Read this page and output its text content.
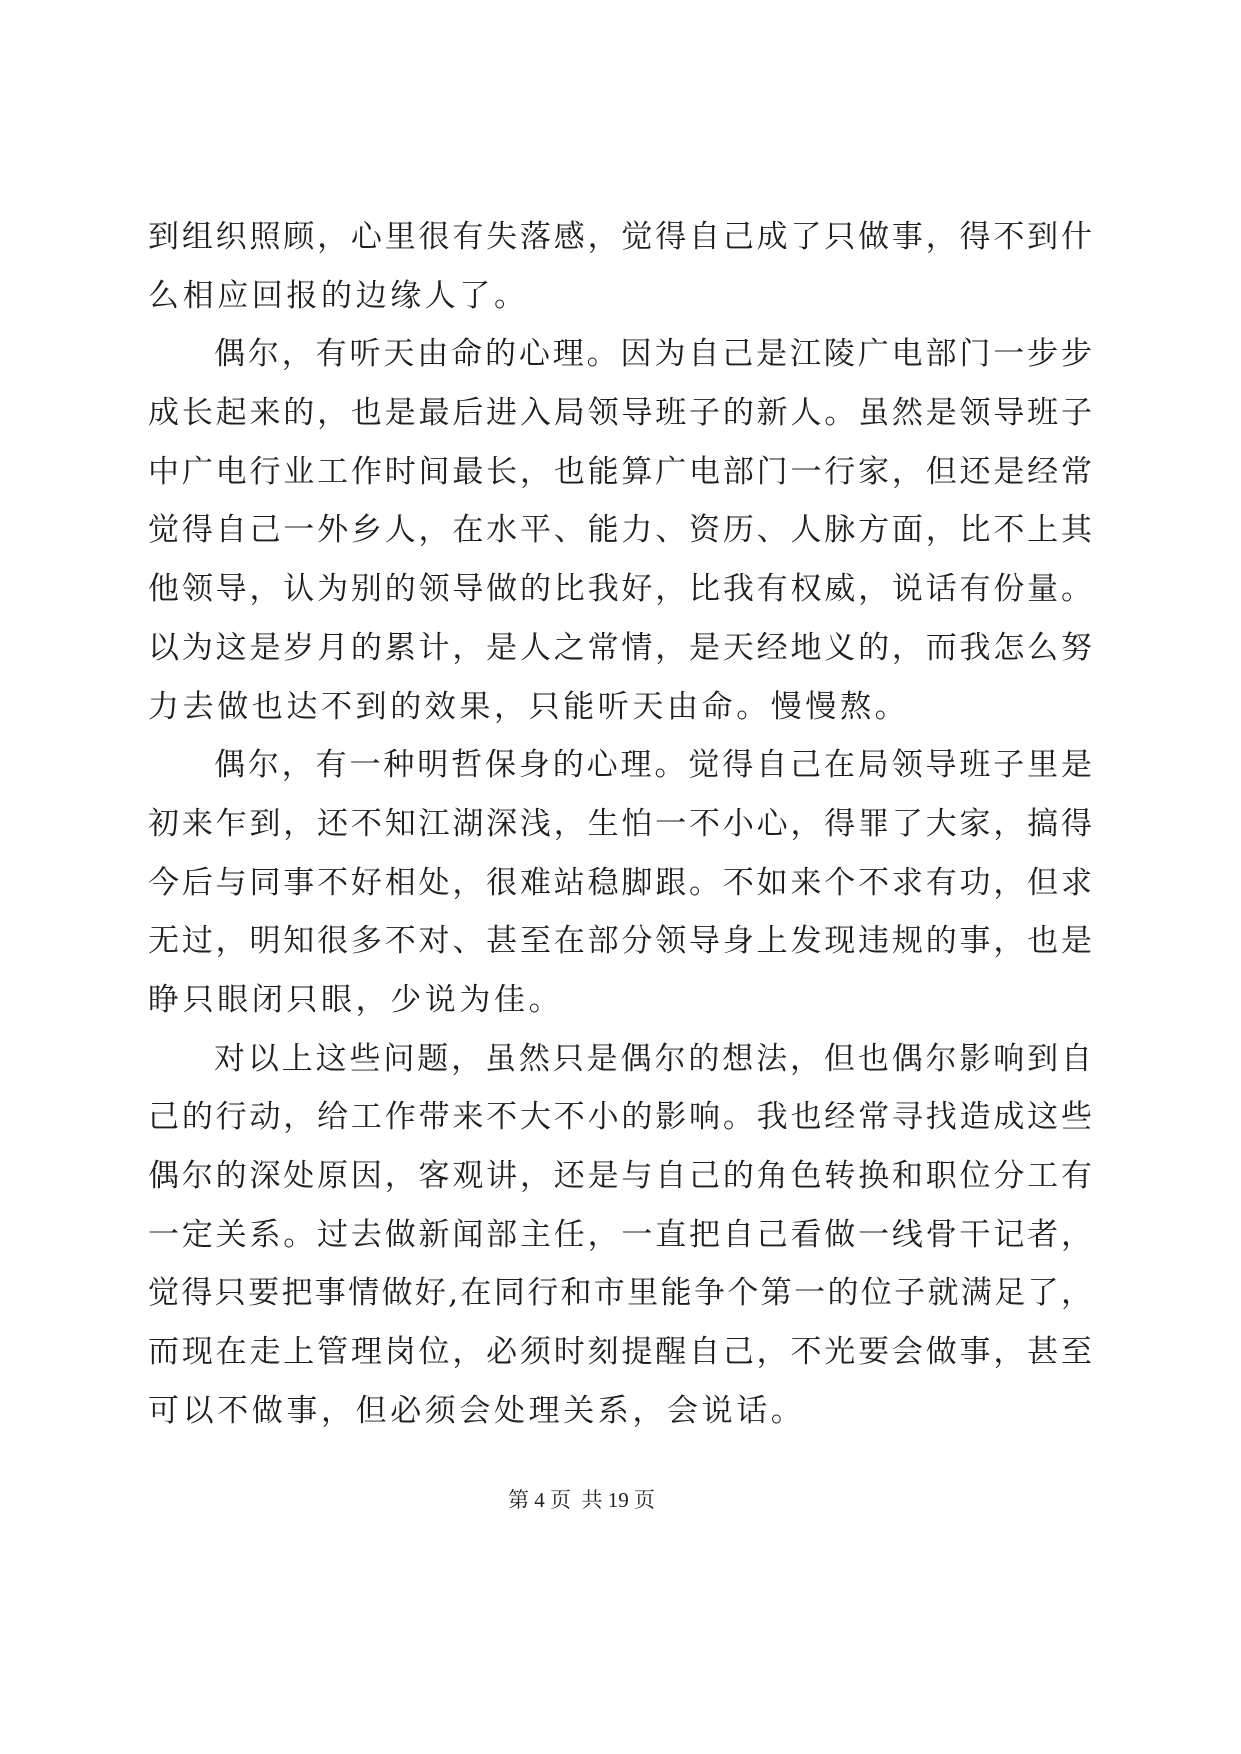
到组织照顾，心里很有失落感，觉得自己成了只做事，得不到什
么相应回报的边缘人了。
偶尔，有听天由命的心理。因为自己是江陵广电部门一步步
成长起来的，也是最后进入局领导班子的新人。虽然是领导班子
中广电行业工作时间最长，也能算广电部门一行家，但还是经常
觉得自己一外乡人，在水平、能力、资历、人脉方面，比不上其
他领导，认为别的领导做的比我好，比我有权威，说话有份量。
以为这是岁月的累计，是人之常情，是天经地义的，而我怎么努
力去做也达不到的效果，只能听天由命。慢慢熬。
偶尔，有一种明哲保身的心理。觉得自己在局领导班子里是
初来乍到，还不知江湖深浅，生怕一不小心，得罪了大家，搞得
今后与同事不好相处，很难站稳脚跟。不如来个不求有功，但求
无过，明知很多不对、甚至在部分领导身上发现违规的事，也是
睁只眼闭只眼，少说为佳。
对以上这些问题，虽然只是偶尔的想法，但也偶尔影响到自
己的行动，给工作带来不大不小的影响。我也经常寻找造成这些
偶尔的深处原因，客观讲，还是与自己的角色转换和职位分工有
一定关系。过去做新闻部主任，一直把自己看做一线骨干记者，
觉得只要把事情做好,在同行和市里能争个第一的位子就满足了，
而现在走上管理岗位，必须时刻提醒自己，不光要会做事，甚至
可以不做事，但必须会处理关系，会说话。
第 4 页  共 19 页
